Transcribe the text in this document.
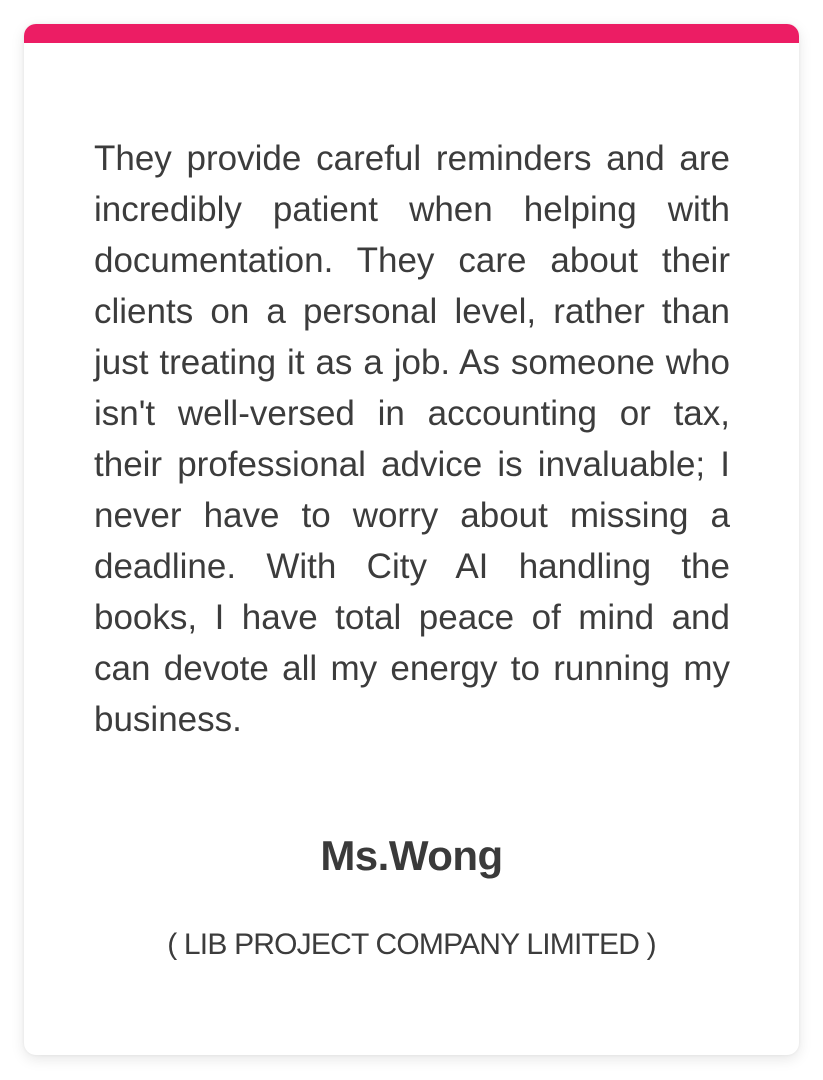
They provide careful reminders and are incredibly patient when helping with documentation. They care about their clients on a personal level, rather than just treating it as a job. As someone who isn't well-versed in accounting or tax, their professional advice is invaluable; I never have to worry about missing a deadline. With City AI handling the books, I have total peace of mind and can devote all my energy to running my business.

Ms.Wong
( LIB PROJECT COMPANY LIMITED )
